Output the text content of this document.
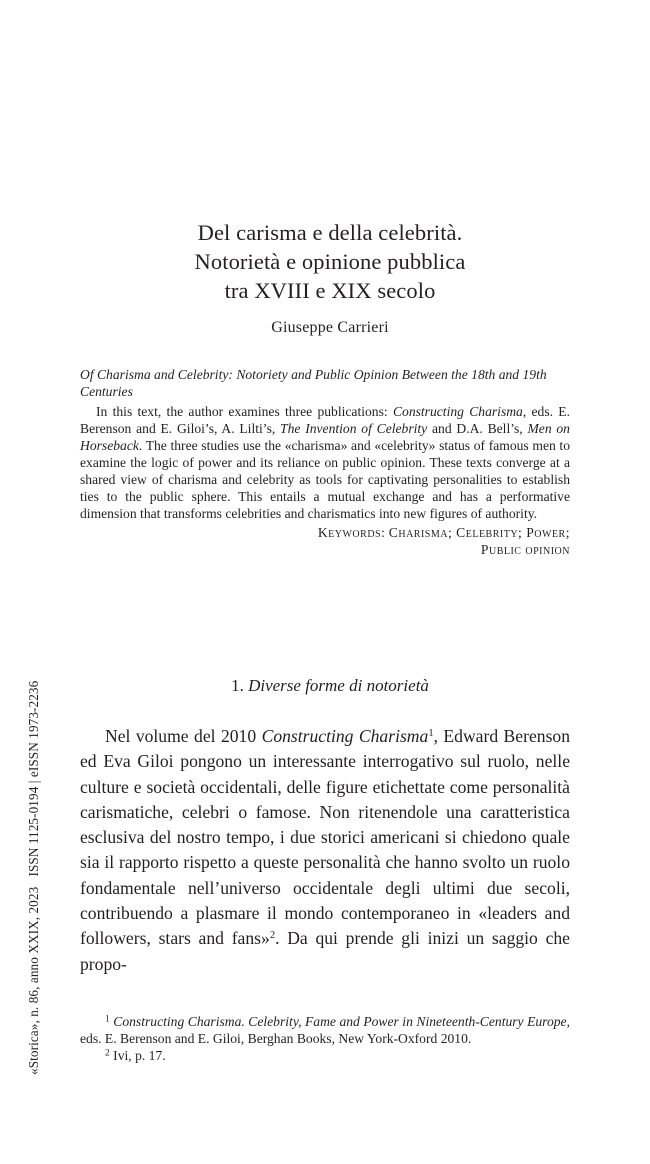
Del carisma e della celebrità.
Notorietà e opinione pubblica
tra XVIII e XIX secolo
Giuseppe Carrieri
Of Charisma and Celebrity: Notoriety and Public Opinion Between the 18th and 19th Centuries
In this text, the author examines three publications: Constructing Charisma, eds. E. Berenson and E. Giloi’s, A. Lilti’s, The Invention of Celebrity and D.A. Bell’s, Men on Horseback. The three studies use the «charisma» and «celebrity» status of famous men to examine the logic of power and its reliance on public opinion. These texts converge at a shared view of charisma and celebrity as tools for captivating personalities to establish ties to the public sphere. This entails a mutual exchange and has a performative dimension that transforms celebrities and charismatics into new figures of authority.
Keywords: Charisma; Celebrity; Power;
Public opinion
1. Diverse forme di notorietà

Nel volume del 2010 Constructing Charisma$^1$, Edward Berenson ed Eva Giloi pongono un interessante interrogativo sul ruolo, nelle culture e società occidentali, delle figure etichettate come personalità carismatiche, celebri o famose. Non ritenendole una caratteristica esclusiva del nostro tempo, i due storici americani si chiedono quale sia il rapporto rispetto a queste personalità che hanno svolto un ruolo fondamentale nell’universo occidentale degli ultimi due secoli, contribuendo a plasmare il mondo contemporaneo in «leaders and followers, stars and fans»$^2$. Da qui prende gli inizi un saggio che propo-

$^1$ Constructing Charisma. Celebrity, Fame and Power in Nineteenth-Century Europe, eds. E. Berenson and E. Giloi, Berghan Books, New York-Oxford 2010.
$^2$ Ivi, p. 17.
«Storica», n. 86, anno XXIX, 2023   ISSN 1125-0194 | eISSN 1973-2236
